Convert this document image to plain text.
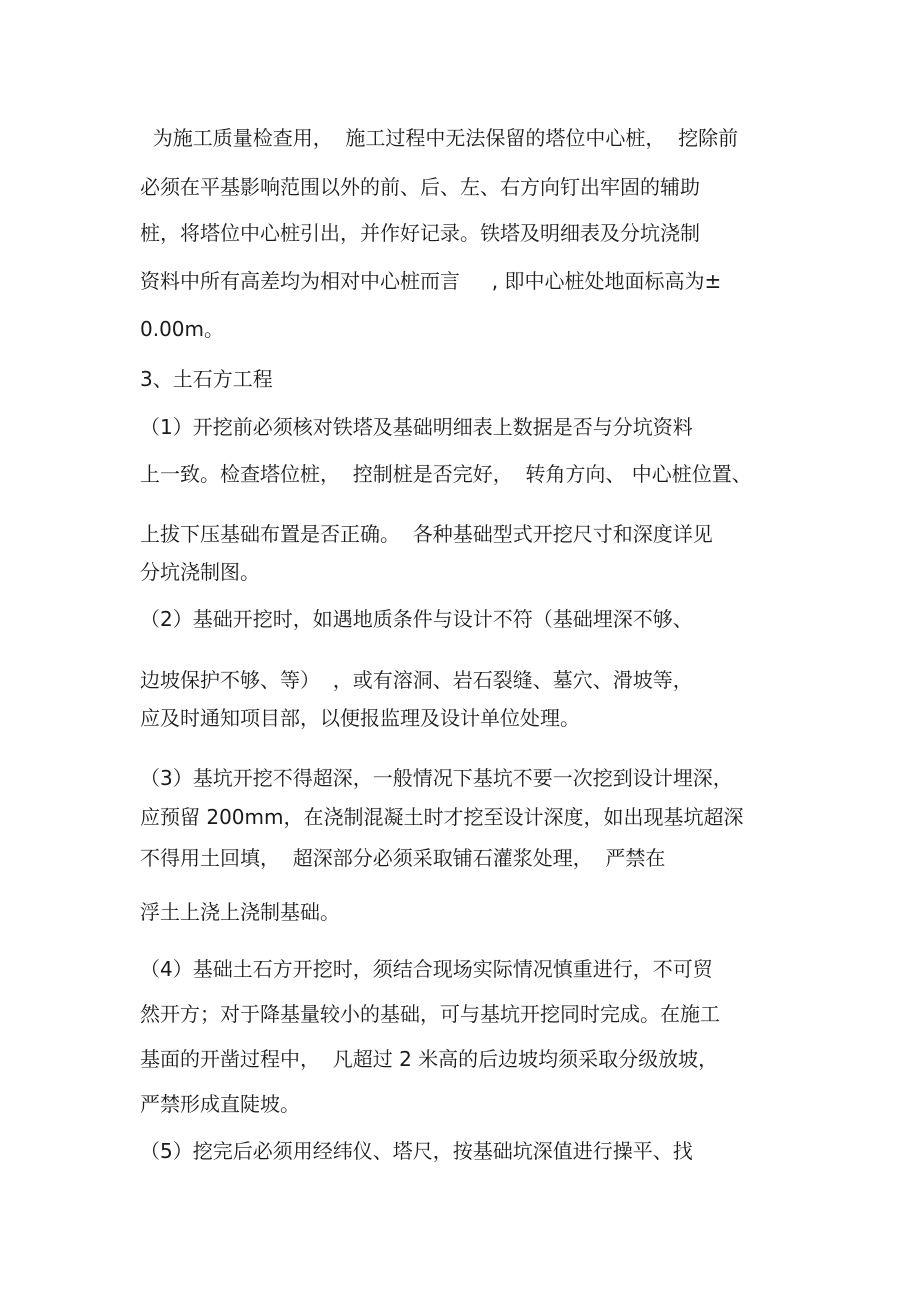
为施工质量检查用，  施工过程中无法保留的塔位中心桩，  挖除前

必须在平基影响范围以外的前、后、左、右方向钉出牢固的辅助

桩，将塔位中心桩引出，并作好记录。铁塔及明细表及分坑浇制

资料中所有高差均为相对中心桩而言     , 即中心桩处地面标高为±

0.00m。

3、土石方工程

（1）开挖前必须核对铁塔及基础明细表上数据是否与分坑资料

上一致。检查塔位桩，  控制桩是否完好，  转角方向、 中心桩位置、

上拔下压基础布置是否正确。  各种基础型式开挖尺寸和深度详见

分坑浇制图。

（2）基础开挖时，如遇地质条件与设计不符（基础埋深不够、

边坡保护不够、等）  ，或有溶洞、岩石裂缝、墓穴、滑坡等，

应及时通知项目部，以便报监理及设计单位处理。

（3）基坑开挖不得超深，一般情况下基坑不要一次挖到设计埋深，

应预留 200mm，在浇制混凝土时才挖至设计深度，如出现基坑超深

不得用土回填，  超深部分必须采取铺石灌浆处理，  严禁在

浮土上浇上浇制基础。

（4）基础土石方开挖时，须结合现场实际情况慎重进行，不可贸

然开方；对于降基量较小的基础，可与基坑开挖同时完成。在施工

基面的开凿过程中，  凡超过 2 米高的后边坡均须采取分级放坡，

严禁形成直陡坡。

（5）挖完后必须用经纬仪、塔尺，按基础坑深值进行操平、找
